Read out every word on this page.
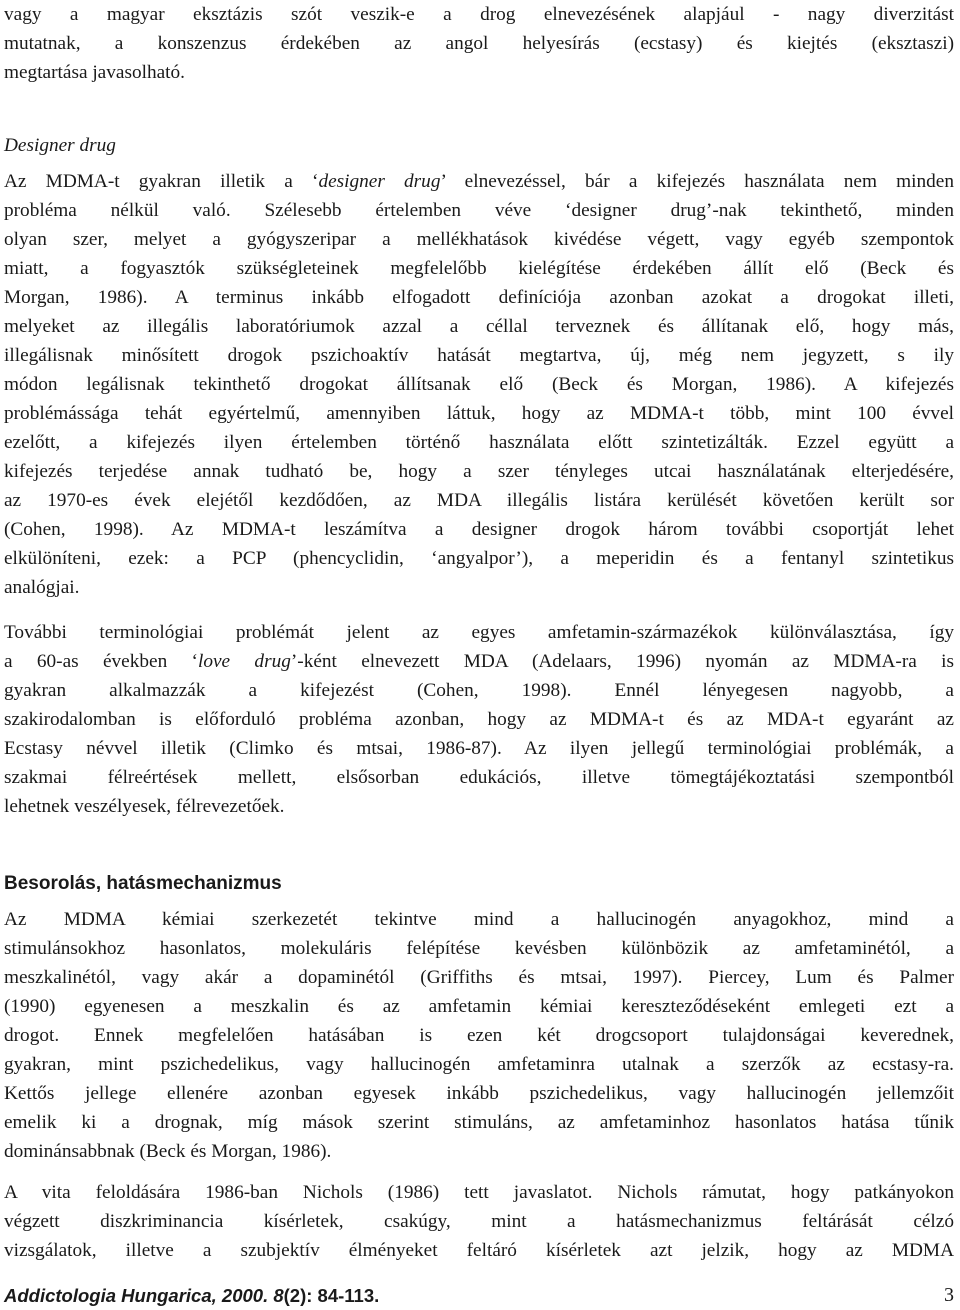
vagy a magyar eksztázis szót veszik-e a drog elnevezésének alapjául - nagy diverzitást
mutatnak, a konszenzus érdekében az angol helyesírás (ecstasy) és kiejtés (eksztaszi)
megtartása javasolható.
Designer drug
Az MDMA-t gyakran illetik a ‘designer drug’ elnevezéssel, bár a kifejezés használata nem minden
probléma nélkül való. Szélesebb értelemben véve ‘designer drug’-nak tekinthető, minden
olyan szer, melyet a gyógyszeripar a mellékhatások kivédése végett, vagy egyéb szempontok
miatt, a fogyasztók szükségleteinek megfelelőbb kielégítése érdekében állít elő (Beck és
Morgan, 1986). A terminus inkább elfogadott definíciója azonban azokat a drogokat illeti,
melyeket az illegális laboratóriumok azzal a céllal terveznek és állítanak elő, hogy más,
illegálisnak minősített drogok pszichoaktív hatását megtartva, új, még nem jegyzett, s ily
módon legálisnak tekinthető drogokat állítsanak elő (Beck és Morgan, 1986). A kifejezés
problémássága tehát egyértelmű, amennyiben láttuk, hogy az MDMA-t több, mint 100 évvel
ezelőtt, a kifejezés ilyen értelemben történő használata előtt szintetizálták. Ezzel együtt a
kifejezés terjedése annak tudható be, hogy a szer tényleges utcai használatának elterjedésére,
az 1970-es évek elejétől kezdődően, az MDA illegális listára kerülését követően került sor
(Cohen, 1998). Az MDMA-t leszámítva a designer drogok három további csoportját lehet
elkülöníteni, ezek: a PCP (phencyclidin, ‘angyalpor’), a meperidin és a fentanyl szintetikus
analógjai.
További terminológiai problémát jelent az egyes amfetamin-származékok különválasztása, így
a 60-as években ‘love drug’-ként elnevezett MDA (Adelaars, 1996) nyomán az MDMA-ra is
gyakran alkalmazzák a kifejezést (Cohen, 1998). Ennél lényegesen nagyobb, a
szakirodalomban is előforduló probléma azonban, hogy az MDMA-t és az MDA-t egyaránt az
Ecstasy névvel illetik (Climko és mtsai, 1986-87). Az ilyen jellegű terminológiai problémák, a
szakmai félreértések mellett, elsősorban edukációs, illetve tömegtájékoztatási szempontból
lehetnek veszélyesek, félrevezetőek.
Besorolás, hatásmechanizmus
Az MDMA kémiai szerkezetét tekintve mind a hallucinogén anyagokhoz, mind a
stimulánsokhoz hasonlatos, molekuláris felépítése kevésben különbözik az amfetaminétól, a
meszkalinétól, vagy akár a dopaminétól (Griffiths és mtsai, 1997). Piercey, Lum és Palmer
(1990) egyenesen a meszkalin és az amfetamin kémiai kereszteződéseként emlegeti ezt a
drogot. Ennek megfelelően hatásában is ezen két drogcsoport tulajdonságai keverednek,
gyakran, mint pszichedelikus, vagy hallucinogén amfetaminra utalnak a szerzők az ecstasy-ra.
Kettős jellege ellenére azonban egyesek inkább pszichedelikus, vagy hallucinogén jellemzőit
emelik ki a drognak, míg mások szerint stimuláns, az amfetaminhoz hasonlatos hatása tűnik
dominánsabbnak (Beck és Morgan, 1986).
A vita feloldására 1986-ban Nichols (1986) tett javaslatot. Nichols rámutat, hogy patkányokon
végzett diszkriminancia kísérletek, csakúgy, mint a hatásmechanizmus feltárását célzó
vizsgálatok, illetve a szubjektív élményeket feltáró kísérletek azt jelzik, hogy az MDMA
Addictologia Hungarica, 2000. 8(2): 84-113.	3
